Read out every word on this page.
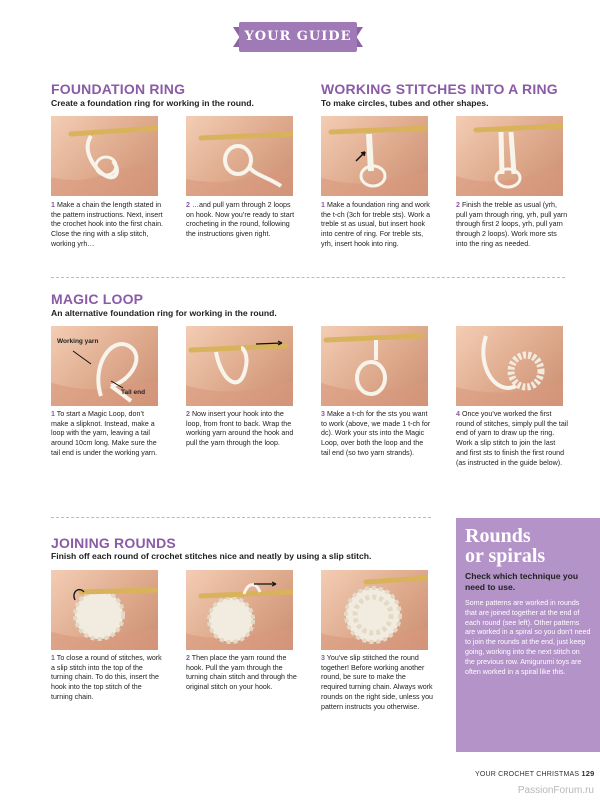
YOUR GUIDE
FOUNDATION RING
Create a foundation ring for working in the round.
1 Make a chain the length stated in the pattern instructions. Next, insert the crochet hook into the first chain. Close the ring with a slip stitch, working yrh…
2 …and pull yarn through 2 loops on hook. Now you’re ready to start crocheting in the round, following the instructions given right.
WORKING STITCHES INTO A RING
To make circles, tubes and other shapes.
1 Make a foundation ring and work the t-ch (3ch for treble sts). Work a treble st as usual, but insert hook into centre of ring. For treble sts, yrh, insert hook into ring.
2 Finish the treble as usual (yrh, pull yarn through ring, yrh, pull yarn through first 2 loops, yrh, pull yarn through 2 loops). Work more sts into the ring as needed.
MAGIC LOOP
An alternative foundation ring for working in the round.
Working yarn
Tail end
1 To start a Magic Loop, don’t make a slipknot. Instead, make a loop with the yarn, leaving a tail around 10cm long. Make sure the tail end is under the working yarn.
2 Now insert your hook into the loop, from front to back. Wrap the working yarn around the hook and pull the yarn through the loop.
3 Make a t-ch for the sts you want to work (above, we made 1 t-ch for dc). Work your sts into the Magic Loop, over both the loop and the tail end (so two yarn strands).
4 Once you’ve worked the first round of stitches, simply pull the tail end of yarn to draw up the ring. Work a slip stitch to join the last and first sts to finish the first round (as instructed in the guide below).
JOINING ROUNDS
Finish off each round of crochet stitches nice and neatly by using a slip stitch.
1 To close a round of stitches, work a slip stitch into the top of the turning chain. To do this, insert the hook into the top stitch of the turning chain.
2 Then place the yarn round the hook. Pull the yarn through the turning chain stitch and through the original stitch on your hook.
3 You’ve slip stitched the round together! Before working another round, be sure to make the required turning chain. Always work rounds on the right side, unless you pattern instructs you otherwise.
Rounds
or spirals
Check which technique you need to use.
Some patterns are worked in rounds that are joined together at the end of each round (see left). Other patterns are worked in a spiral so you don’t need to join the rounds at the end, just keep going, working into the next stitch on the previous row. Amigurumi toys are often worked in a spiral like this.
YOUR CROCHET CHRISTMAS 129
PassionForum.ru
